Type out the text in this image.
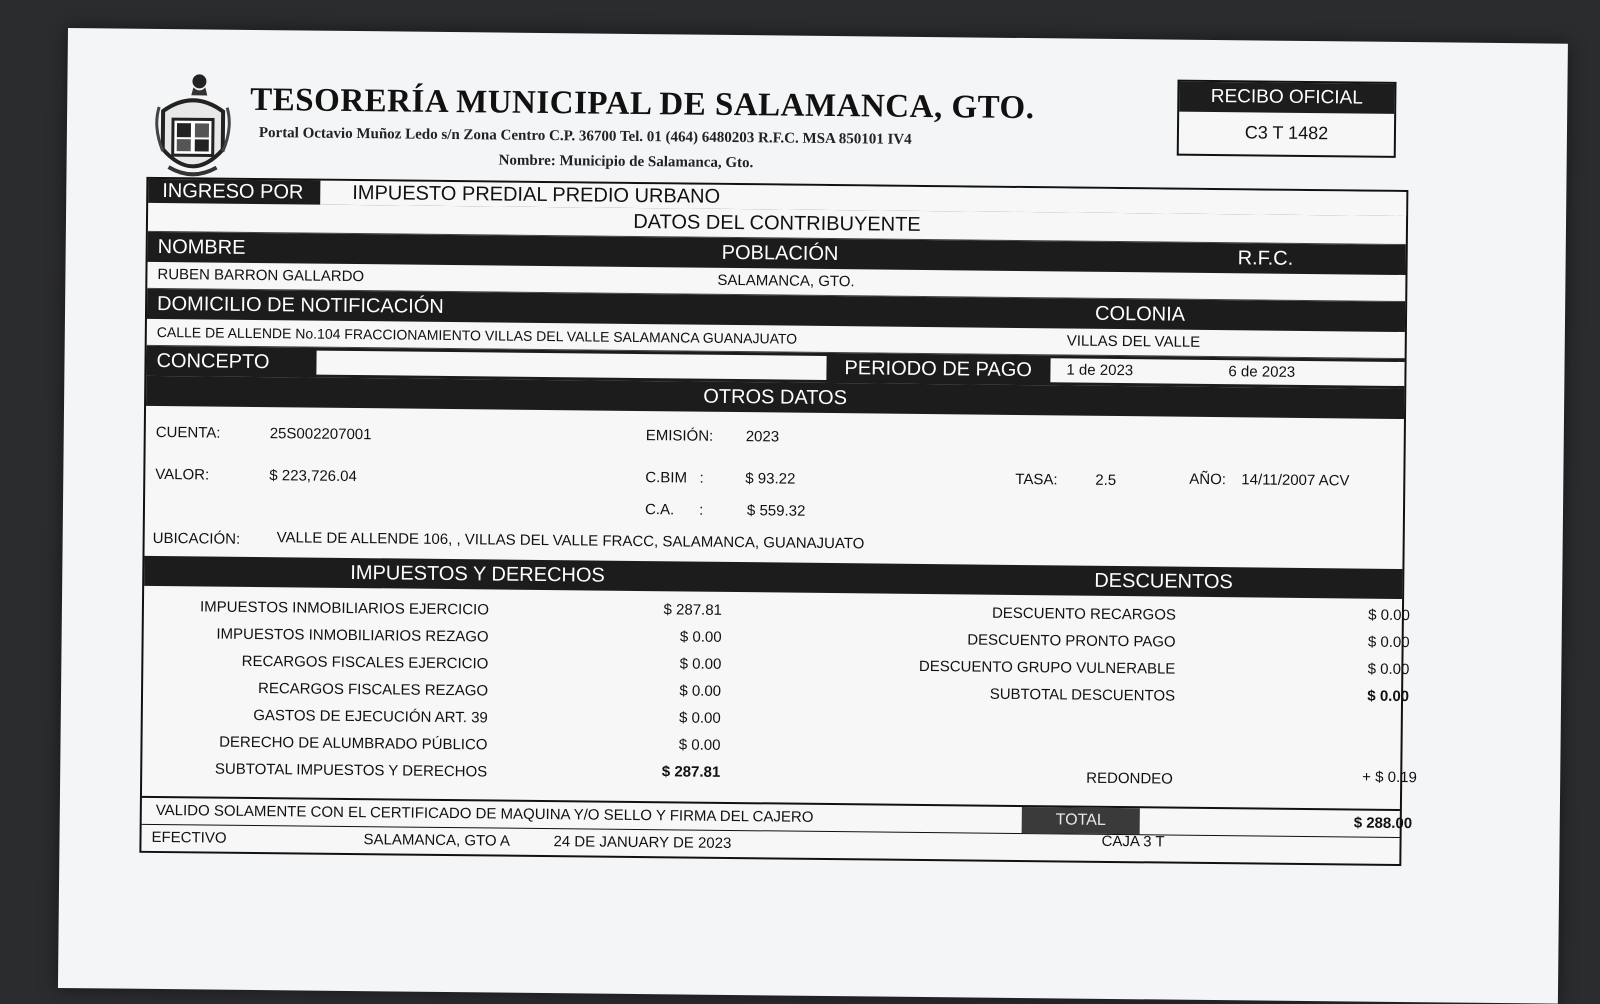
TESORERÍA MUNICIPAL DE SALAMANCA, GTO.
Portal Octavio Muñoz Ledo s/n Zona Centro C.P. 36700 Tel. 01 (464) 6480203 R.F.C. MSA 850101 IV4
Nombre: Municipio de Salamanca, Gto.
RECIBO OFICIAL
C3 T 1482
INGRESO POR IMPUESTO PREDIAL PREDIO URBANO
DATOS DEL CONTRIBUYENTE
NOMBRE	POBLACIÓN	R.F.C.
RUBEN BARRON GALLARDO	SALAMANCA, GTO.
DOMICILIO DE NOTIFICACIÓN	COLONIA
CALLE DE ALLENDE No.104 FRACCIONAMIENTO VILLAS DEL VALLE SALAMANCA GUANAJUATO	VILLAS DEL VALLE
CONCEPTO	PERIODO DE PAGO 1 de 2023	6 de 2023
OTROS DATOS
CUENTA:	25S002207001	EMISIÓN: 2023
VALOR:	$ 223,726.04	C.BIM   :	$ 93.22	TASA:	2.5	AÑO: 14/11/2007 ACV
C.A.      :	$ 559.32
UBICACIÓN: VALLE DE ALLENDE 106, , VILLAS DEL VALLE FRACC, SALAMANCA, GUANAJUATO
IMPUESTOS Y DERECHOS	DESCUENTOS
IMPUESTOS INMOBILIARIOS EJERCICIO	$ 287.81
IMPUESTOS INMOBILIARIOS REZAGO	$ 0.00
RECARGOS FISCALES EJERCICIO	$ 0.00
RECARGOS FISCALES REZAGO	$ 0.00
GASTOS DE EJECUCIÓN ART. 39	$ 0.00
DERECHO DE ALUMBRADO PÚBLICO	$ 0.00
SUBTOTAL IMPUESTOS Y DERECHOS	$ 287.81
DESCUENTO RECARGOS	$ 0.00
DESCUENTO PRONTO PAGO	$ 0.00
DESCUENTO GRUPO VULNERABLE	$ 0.00
SUBTOTAL DESCUENTOS	$ 0.00
REDONDEO	+ $ 0.19
VALIDO SOLAMENTE CON EL CERTIFICADO DE MAQUINA Y/O SELLO Y FIRMA DEL CAJERO	TOTAL	$ 288.00
EFECTIVO	SALAMANCA, GTO A	24 DE JANUARY DE 2023	CAJA 3 T
